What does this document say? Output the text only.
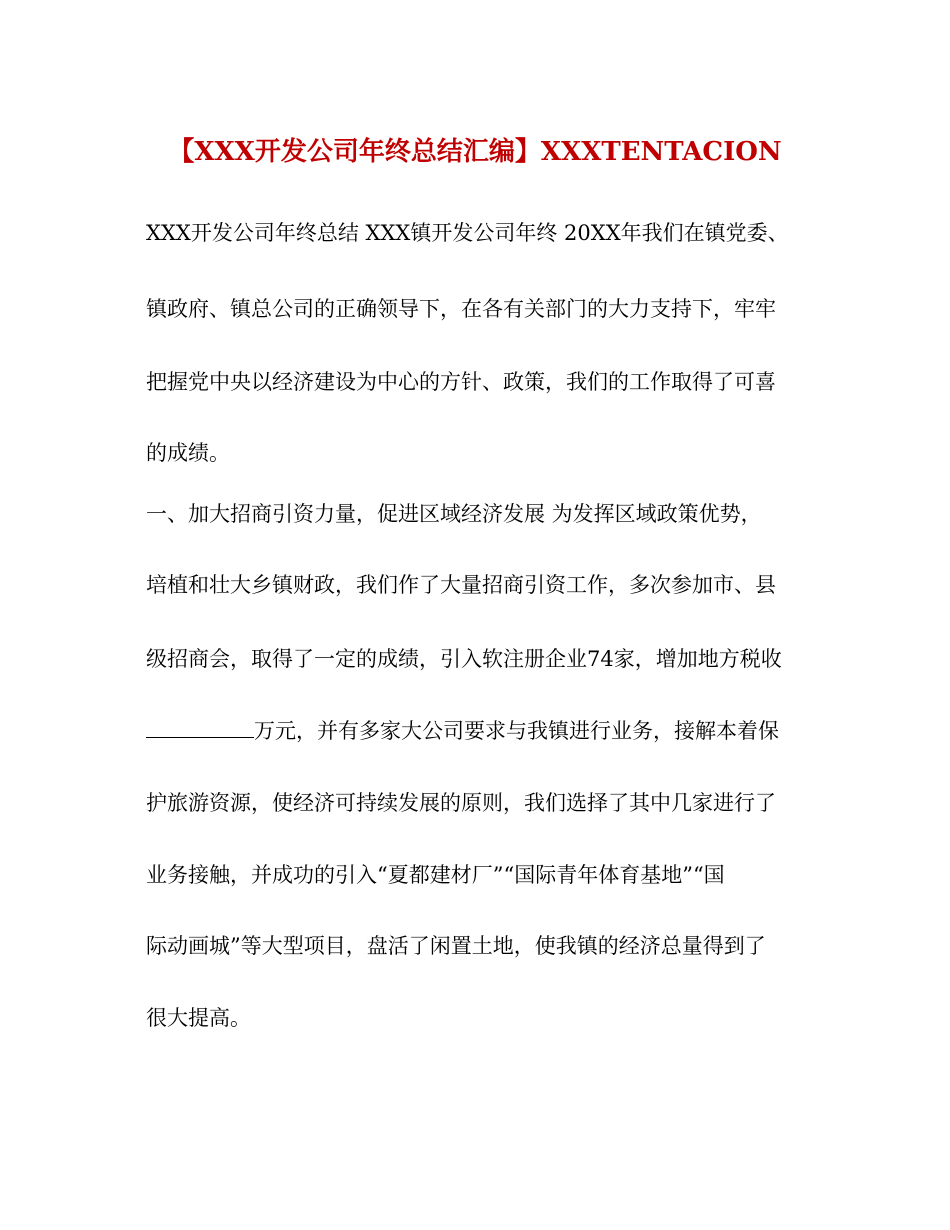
【XXX开发公司年终总结汇编】XXXTENTACION

XXX开发公司年终总结 XXX镇开发公司年终 20XX年我们在镇党委、

镇政府、镇总公司的正确领导下，在各有关部门的大力支持下，牢牢

把握党中央以经济建设为中心的方针、政策，我们的工作取得了可喜

的成绩。

一、加大招商引资力量，促进区域经济发展 为发挥区域政策优势，

培植和壮大乡镇财政，我们作了大量招商引资工作，多次参加市、县

级招商会，取得了一定的成绩，引入软注册企业74家，增加地方税收

万元，并有多家大公司要求与我镇进行业务，接解本着保

护旅游资源，使经济可持续发展的原则，我们选择了其中几家进行了

业务接触，并成功的引入“夏都建材厂”“国际青年体育基地”“国

际动画城”等大型项目，盘活了闲置土地，使我镇的经济总量得到了

很大提高。
